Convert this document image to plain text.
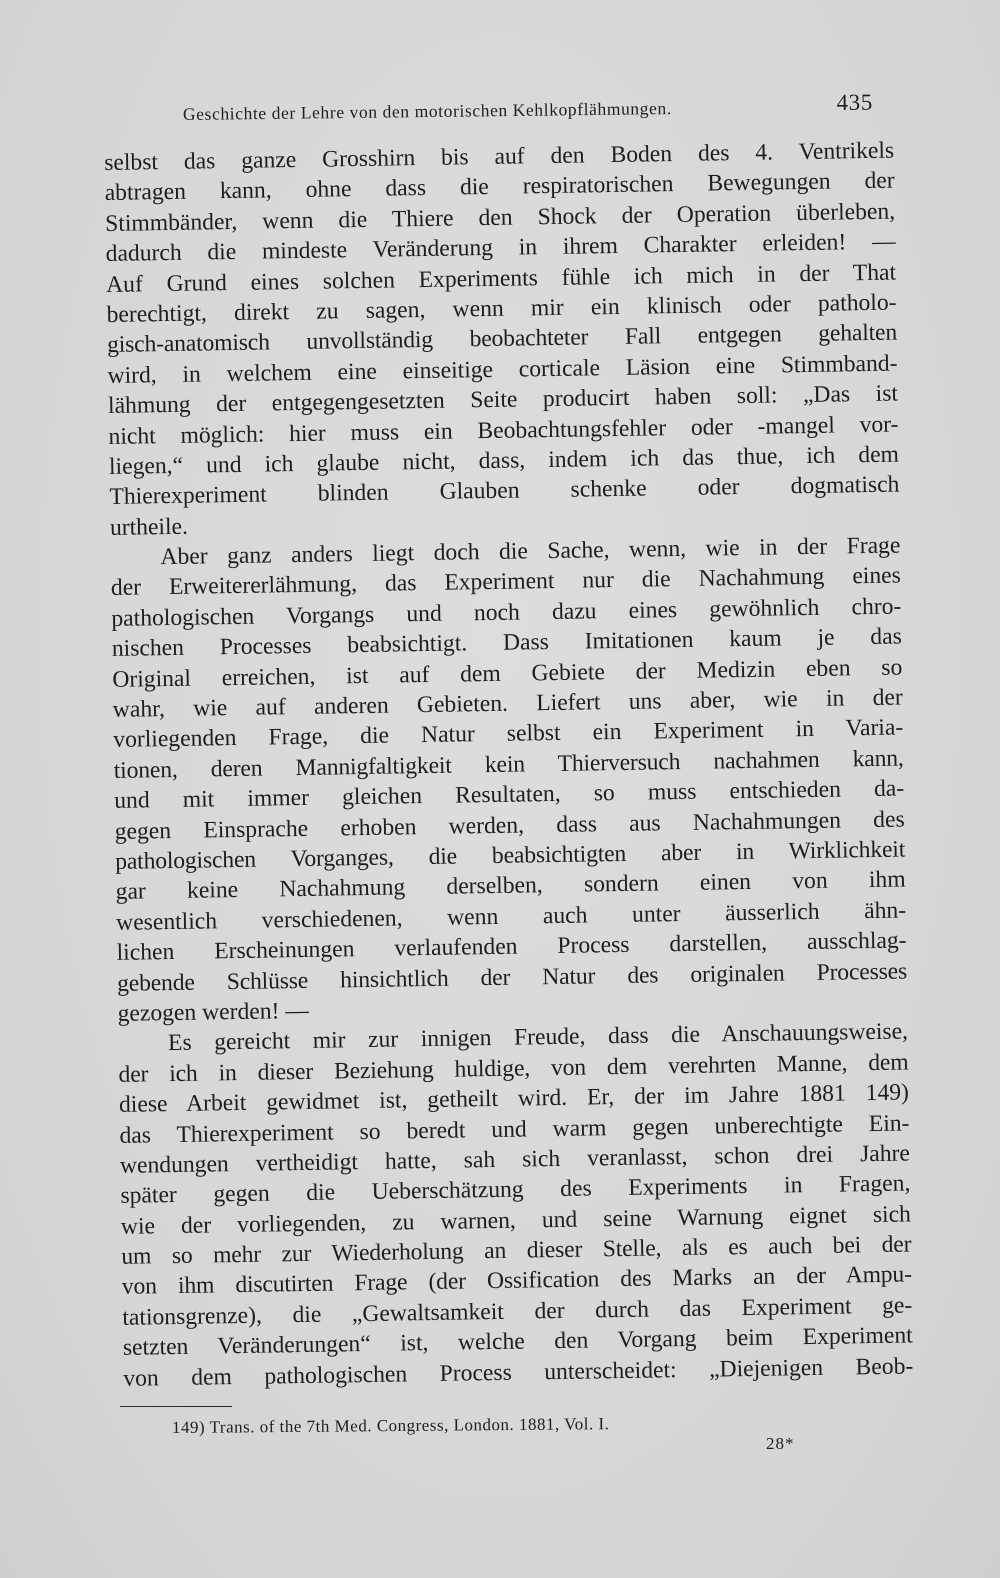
Geschichte der Lehre von den motorischen Kehlkopflähmungen.	435
selbst das ganze Grosshirn bis auf den Boden des 4. Ventrikels
abtragen kann, ohne dass die respiratorischen Bewegungen der
Stimmbänder, wenn die Thiere den Shock der Operation überleben,
dadurch die mindeste Veränderung in ihrem Charakter erleiden! —
Auf Grund eines solchen Experiments fühle ich mich in der That
berechtigt, direkt zu sagen, wenn mir ein klinisch oder patholo-
gisch-anatomisch unvollständig beobachteter Fall entgegen gehalten
wird, in welchem eine einseitige corticale Läsion eine Stimmband-
lähmung der entgegengesetzten Seite producirt haben soll: „Das ist
nicht möglich: hier muss ein Beobachtungsfehler oder -mangel vor-
liegen,“ und ich glaube nicht, dass, indem ich das thue, ich dem
Thierexperiment blinden Glauben schenke oder dogmatisch
urtheile.
Aber ganz anders liegt doch die Sache, wenn, wie in der Frage
der Erweitererlähmung, das Experiment nur die Nachahmung eines
pathologischen Vorgangs und noch dazu eines gewöhnlich chro-
nischen Processes beabsichtigt. Dass Imitationen kaum je das
Original erreichen, ist auf dem Gebiete der Medizin eben so
wahr, wie auf anderen Gebieten. Liefert uns aber, wie in der
vorliegenden Frage, die Natur selbst ein Experiment in Varia-
tionen, deren Mannigfaltigkeit kein Thierversuch nachahmen kann,
und mit immer gleichen Resultaten, so muss entschieden da-
gegen Einsprache erhoben werden, dass aus Nachahmungen des
pathologischen Vorganges, die beabsichtigten aber in Wirklichkeit
gar keine Nachahmung derselben, sondern einen von ihm
wesentlich verschiedenen, wenn auch unter äusserlich ähn-
lichen Erscheinungen verlaufenden Process darstellen, ausschlag-
gebende Schlüsse hinsichtlich der Natur des originalen Processes
gezogen werden! —
Es gereicht mir zur innigen Freude, dass die Anschauungsweise,
der ich in dieser Beziehung huldige, von dem verehrten Manne, dem
diese Arbeit gewidmet ist, getheilt wird. Er, der im Jahre 1881 149)
das Thierexperiment so beredt und warm gegen unberechtigte Ein-
wendungen vertheidigt hatte, sah sich veranlasst, schon drei Jahre
später gegen die Ueberschätzung des Experiments in Fragen,
wie der vorliegenden, zu warnen, und seine Warnung eignet sich
um so mehr zur Wiederholung an dieser Stelle, als es auch bei der
von ihm discutirten Frage (der Ossification des Marks an der Ampu-
tationsgrenze), die „Gewaltsamkeit der durch das Experiment ge-
setzten Veränderungen“ ist, welche den Vorgang beim Experiment
von dem pathologischen Process unterscheidet: „Diejenigen Beob-
149) Trans. of the 7th Med. Congress, London. 1881, Vol. I.
28*
